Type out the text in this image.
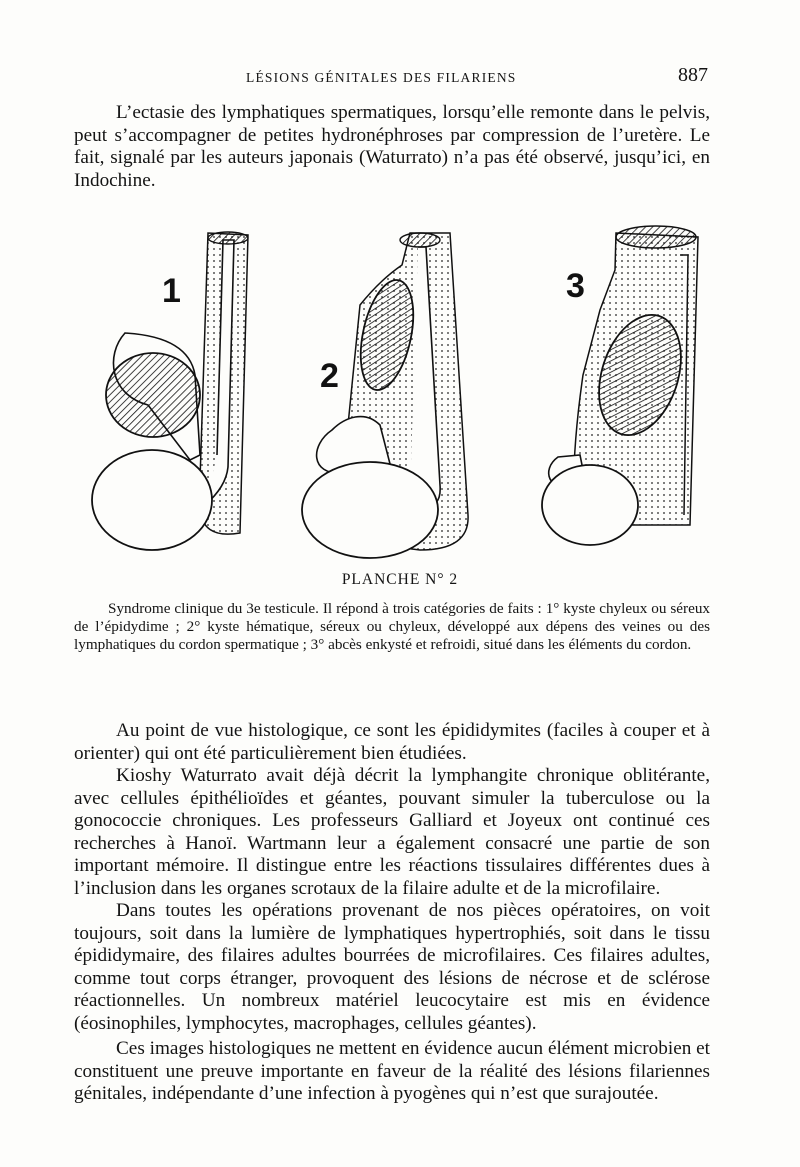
LÉSIONS GÉNITALES DES FILARIENS	887

L’ectasie des lymphatiques spermatiques, lorsqu’elle remonte dans le pelvis, peut s’accompagner de petites hydronéphroses par compression de l’uretère. Le fait, signalé par les auteurs japonais (Waturrato) n’a pas été observé, jusqu’ici, en Indochine.

1
2
3
PLANCHE N° 2

Syndrome clinique du 3e testicule. Il répond à trois catégories de faits : 1° kyste chyleux ou séreux de l’épidydime ; 2° kyste hématique, séreux ou chyleux, développé aux dépens des veines ou des lymphatiques du cordon spermatique ; 3° abcès enkysté et refroidi, situé dans les éléments du cordon.

Au point de vue histologique, ce sont les épididymites (faciles à couper et à orienter) qui ont été particulièrement bien étudiées.

Kioshy Waturrato avait déjà décrit la lymphangite chronique oblitérante, avec cellules épithélioïdes et géantes, pouvant simuler la tuberculose ou la gonococcie chroniques. Les professeurs Galliard et Joyeux ont continué ces recherches à Hanoï. Wartmann leur a également consacré une partie de son important mémoire. Il distingue entre les réactions tissulaires différentes dues à l’inclusion dans les organes scrotaux de la filaire adulte et de la microfilaire.

Dans toutes les opérations provenant de nos pièces opératoires, on voit toujours, soit dans la lumière de lymphatiques hypertrophiés, soit dans le tissu épididymaire, des filaires adultes bourrées de microfilaires. Ces filaires adultes, comme tout corps étranger, provoquent des lésions de nécrose et de sclérose réactionnelles. Un nombreux matériel leucocytaire est mis en évidence (éosinophiles, lymphocytes, macrophages, cellules géantes).

Ces images histologiques ne mettent en évidence aucun élément microbien et constituent une preuve importante en faveur de la réalité des lésions filariennes génitales, indépendante d’une infection à pyogènes qui n’est que surajoutée.
